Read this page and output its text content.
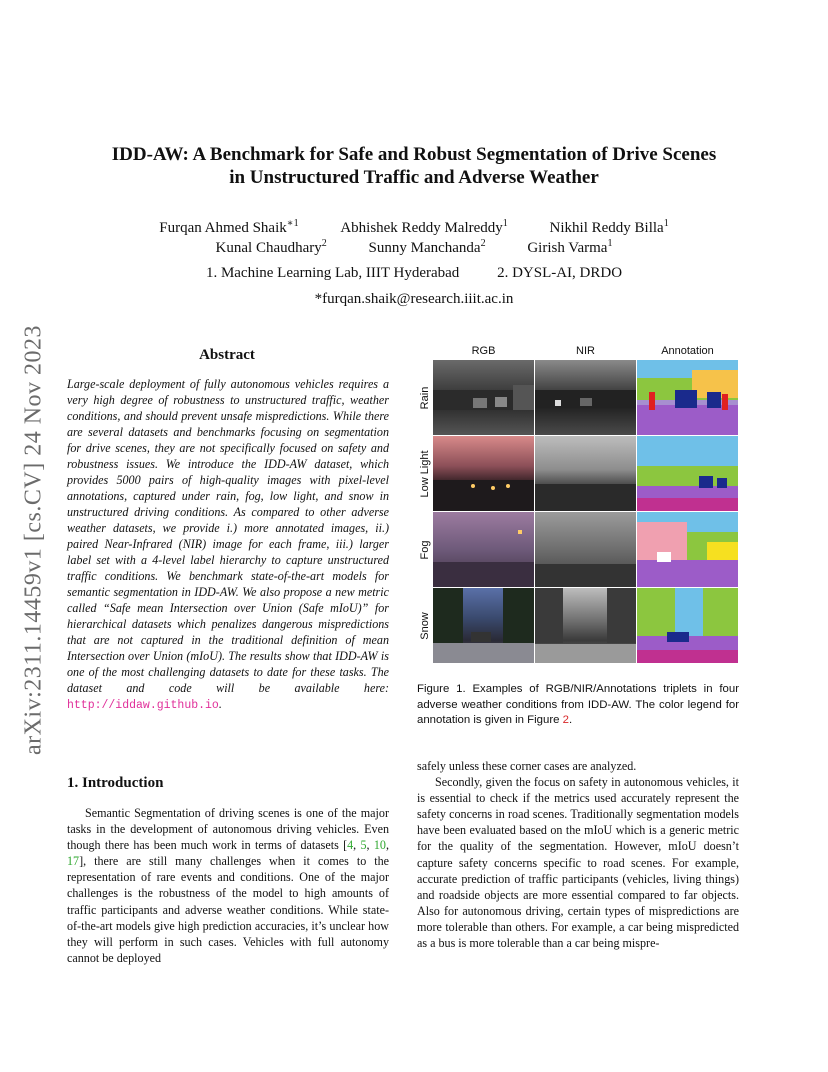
arXiv:2311.14459v1 [cs.CV] 24 Nov 2023
IDD-AW: A Benchmark for Safe and Robust Segmentation of Drive Scenes
in Unstructured Traffic and Adverse Weather
Furqan Ahmed Shaik$^{∗1}$	Abhishek Reddy Malreddy$^1$	Nikhil Reddy Billa$^1$
Kunal Chaudhary$^2$	Sunny Manchanda$^2$	Girish Varma$^1$
1. Machine Learning Lab, IIIT Hyderabad	2. DYSL-AI, DRDO
*furqan.shaik@research.iiit.ac.in
Abstract
Large-scale deployment of fully autonomous vehicles requires a very high degree of robustness to unstructured traffic, weather conditions, and should prevent unsafe mispredictions. While there are several datasets and benchmarks focusing on segmentation for drive scenes, they are not specifically focused on safety and robustness issues. We introduce the IDD-AW dataset, which provides 5000 pairs of high-quality images with pixel-level annotations, captured under rain, fog, low light, and snow in unstructured driving conditions. As compared to other adverse weather datasets, we provide i.) more annotated images, ii.) paired Near-Infrared (NIR) image for each frame, iii.) larger label set with a 4-level label hierarchy to capture unstructured traffic conditions. We benchmark state-of-the-art models for semantic segmentation in IDD-AW. We also propose a new metric called “Safe mean Intersection over Union (Safe mIoU)” for hierarchical datasets which penalizes dangerous mispredictions that are not captured in the traditional definition of mean Intersection over Union (mIoU). The results show that IDD-AW is one of the most challenging datasets to date for these tasks. The dataset and code will be available here: http://iddaw.github.io.
1. Introduction

Semantic Segmentation of driving scenes is one of the major tasks in the development of autonomous driving vehicles. Even though there has been much work in terms of datasets [4, 5, 10, 17], there are still many challenges when it comes to the representation of rare events and conditions. One of the major challenges is the robustness of the model to high amounts of traffic participants and adverse weather conditions. While state-of-the-art models give high prediction accuracies, it’s unclear how they will perform in such cases. Vehicles with full autonomy cannot be deployed

RGB	NIR	Annotation
Rain
Low Light
Fog
Snow
Figure 1. Examples of RGB/NIR/Annotations triplets in four adverse weather conditions from IDD-AW. The color legend for annotation is given in Figure 2.

safely unless these corner cases are analyzed.

Secondly, given the focus on safety in autonomous vehicles, it is essential to check if the metrics used accurately represent the safety concerns in road scenes. Traditionally segmentation models have been evaluated based on the mIoU which is a generic metric for the quality of the segmentation. However, mIoU doesn’t capture safety concerns specific to road scenes. For example, accurate prediction of traffic participants (vehicles, living things) and roadside objects are more essential compared to far objects. Also for autonomous driving, certain types of mispredictions are more tolerable than others. For example, a car being mispredicted as a bus is more tolerable than a car being mispre-
